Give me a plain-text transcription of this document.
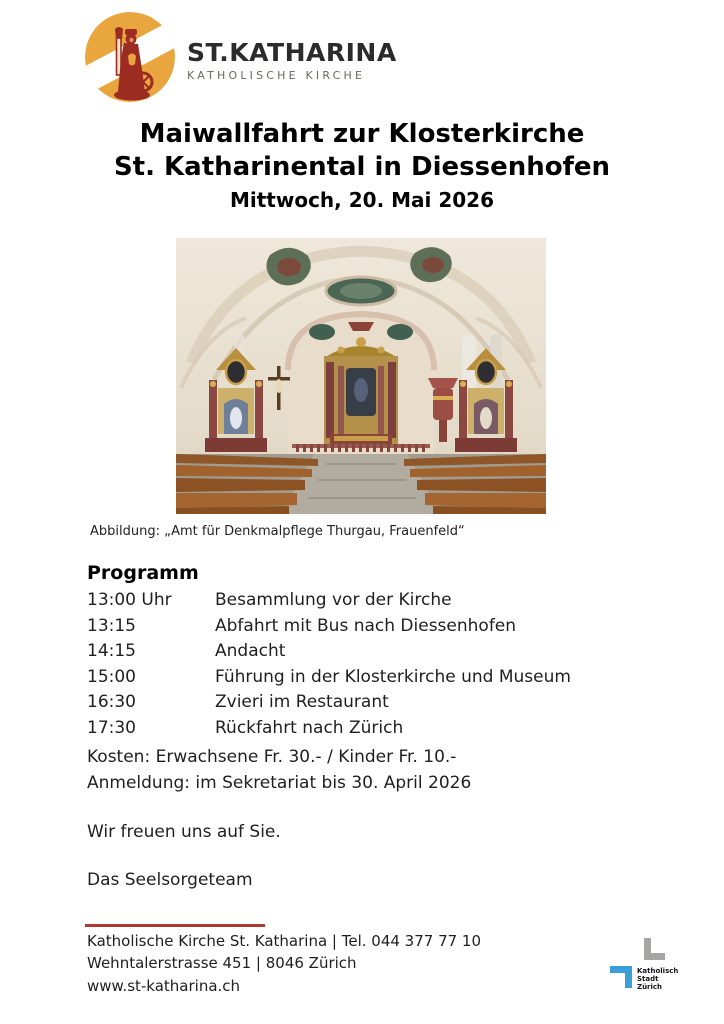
ST.KATHARINA
KATHOLISCHE KIRCHE
Maiwallfahrt zur Klosterkirche
St. Katharinental in Diessenhofen
Mittwoch, 20. Mai 2026
Abbildung: „Amt für Denkmalpflege Thurgau, Frauenfeld“
Programm
13:00 Uhr	Besammlung vor der Kirche
13:15	Abfahrt mit Bus nach Diessenhofen
14:15	Andacht
15:00	Führung in der Klosterkirche und Museum
16:30	Zvieri im Restaurant
17:30	Rückfahrt nach Zürich
Kosten: Erwachsene Fr. 30.- / Kinder Fr. 10.-
Anmeldung: im Sekretariat bis 30. April 2026
Wir freuen uns auf Sie.
Das Seelsorgeteam
Katholische Kirche St. Katharina | Tel. 044 377 77 10
Wehntalerstrasse 451 | 8046 Zürich
www.st-katharina.ch
Katholisch
Stadt
Zürich
